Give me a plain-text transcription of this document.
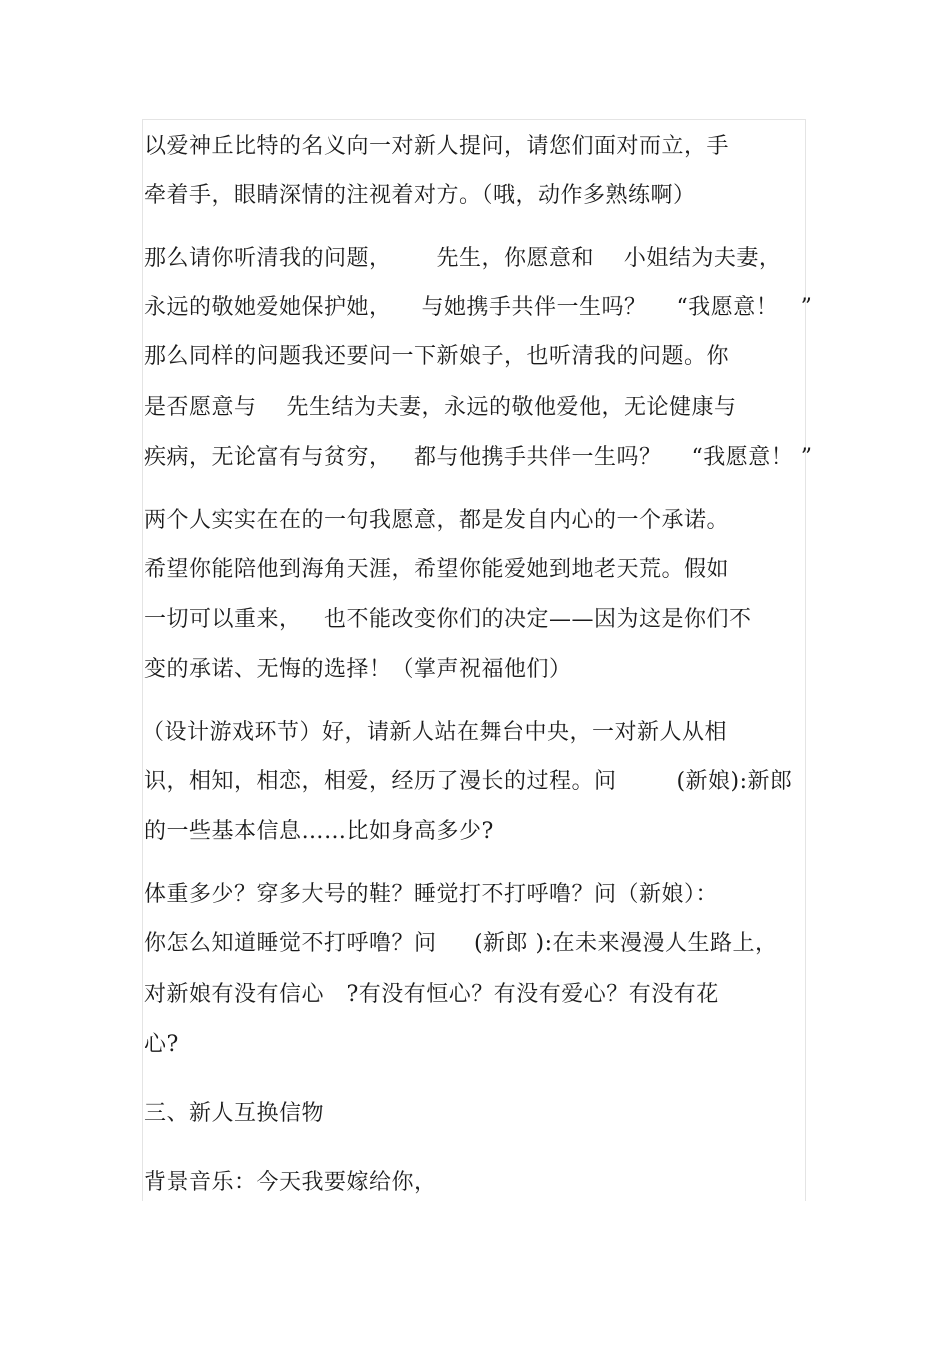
以爱神丘比特的名义向一对新人提问，请您们面对而立，手
牵着手，眼睛深情的注视着对方。（哦，动作多熟练啊）
那么请你听清我的问题，      先生，你愿意和    小姐结为夫妻，
永远的敬她爱她保护她，    与她携手共伴一生吗？    “我愿意！   ”
那么同样的问题我还要问一下新娘子，也听清我的问题。你
是否愿意与    先生结为夫妻，永远的敬他爱他，无论健康与
疾病，无论富有与贫穷，   都与他携手共伴一生吗？    “我愿意！ ”
两个人实实在在的一句我愿意，都是发自内心的一个承诺。
希望你能陪他到海角天涯，希望你能爱她到地老天荒。假如
一切可以重来，   也不能改变你们的决定——因为这是你们不
变的承诺、无悔的选择！（掌声祝福他们）
（设计游戏环节）好，请新人站在舞台中央，一对新人从相
识，相知，相恋，相爱，经历了漫长的过程。问        (新娘):新郎
的一些基本信息……比如身高多少?
体重多少？穿多大号的鞋？睡觉打不打呼噜？问（新娘）：
你怎么知道睡觉不打呼噜？问     (新郎 ):在未来漫漫人生路上，
对新娘有没有信心   ?有没有恒心？有没有爱心？有没有花
心?
三、新人互换信物
背景音乐：今天我要嫁给你，
